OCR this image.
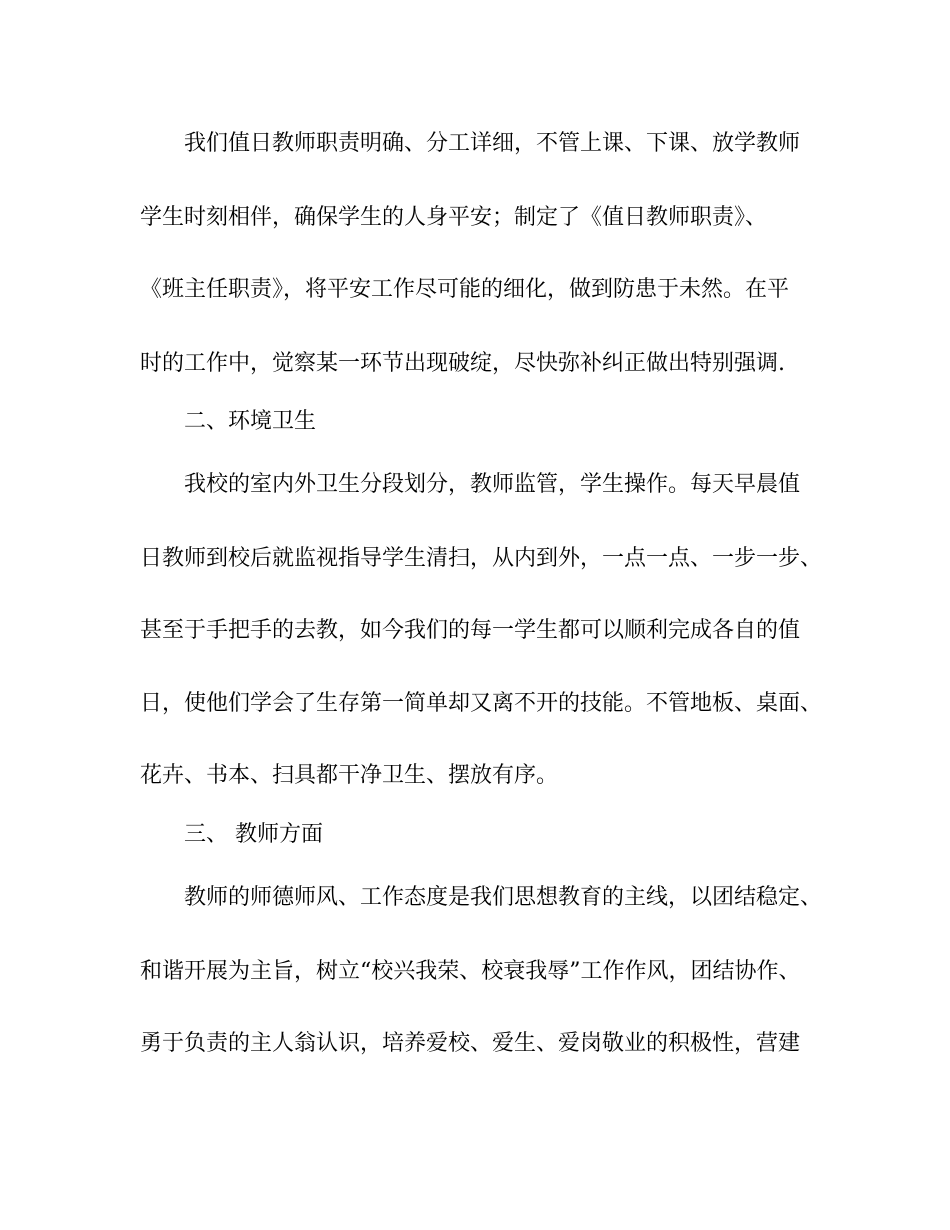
我们值日教师职责明确、分工详细，不管上课、下课、放学教师
学生时刻相伴，确保学生的人身平安；制定了《值日教师职责》、
《班主任职责》，将平安工作尽可能的细化，做到防患于未然。在平
时的工作中，觉察某一环节出现破绽，尽快弥补纠正做出特别强调.
二、环境卫生
我校的室内外卫生分段划分，教师监管，学生操作。每天早晨值
日教师到校后就监视指导学生清扫，从内到外，一点一点、一步一步、
甚至于手把手的去教，如今我们的每一学生都可以顺利完成各自的值
日，使他们学会了生存第一简单却又离不开的技能。不管地板、桌面、
花卉、书本、扫具都干净卫生、摆放有序。
三、 教师方面
教师的师德师风、工作态度是我们思想教育的主线，以团结稳定、
和谐开展为主旨，树立“校兴我荣、校衰我辱”工作作风，团结协作、
勇于负责的主人翁认识，培养爱校、爱生、爱岗敬业的积极性，营建
